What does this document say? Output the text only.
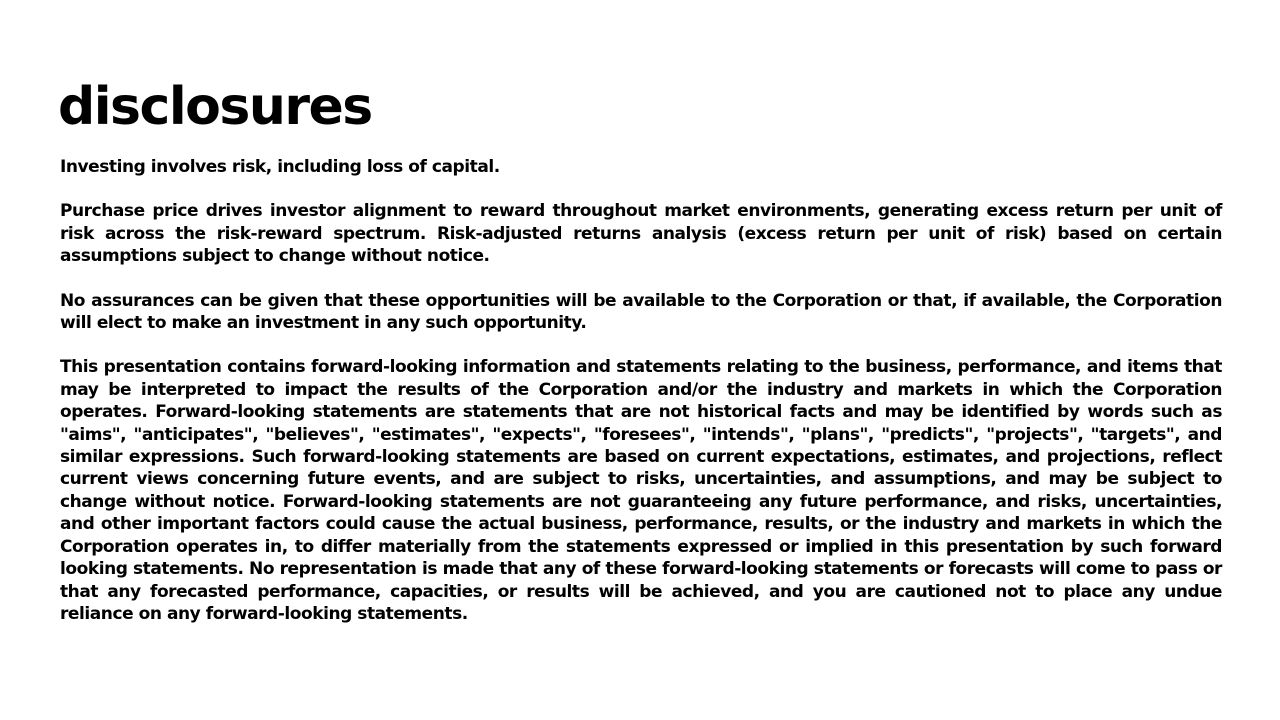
disclosures

Investing involves risk, including loss of capital.

Purchase price drives investor alignment to reward throughout market environments, generating excess return per unit of risk across the risk-reward spectrum. Risk-adjusted returns analysis (excess return per unit of risk) based on certain assumptions subject to change without notice.

No assurances can be given that these opportunities will be available to the Corporation or that, if available, the Corporation will elect to make an investment in any such opportunity.

This presentation contains forward-looking information and statements relating to the business, performance, and items that may be interpreted to impact the results of the Corporation and/or the industry and markets in which the Corporation operates. Forward-looking statements are statements that are not historical facts and may be identified by words such as "aims", "anticipates", "believes", "estimates", "expects", "foresees", "intends", "plans", "predicts", "projects", "targets", and similar expressions. Such forward-looking statements are based on current expectations, estimates, and projections, reflect current views concerning future events, and are subject to risks, uncertainties, and assumptions, and may be subject to change without notice. Forward-looking statements are not guaranteeing any future performance, and risks, uncertainties, and other important factors could cause the actual business, performance, results, or the industry and markets in which the Corporation operates in, to differ materially from the statements expressed or implied in this presentation by such forward looking statements. No representation is made that any of these forward-looking statements or forecasts will come to pass or that any forecasted performance, capacities, or results will be achieved, and you are cautioned not to place any undue reliance on any forward-looking statements.
